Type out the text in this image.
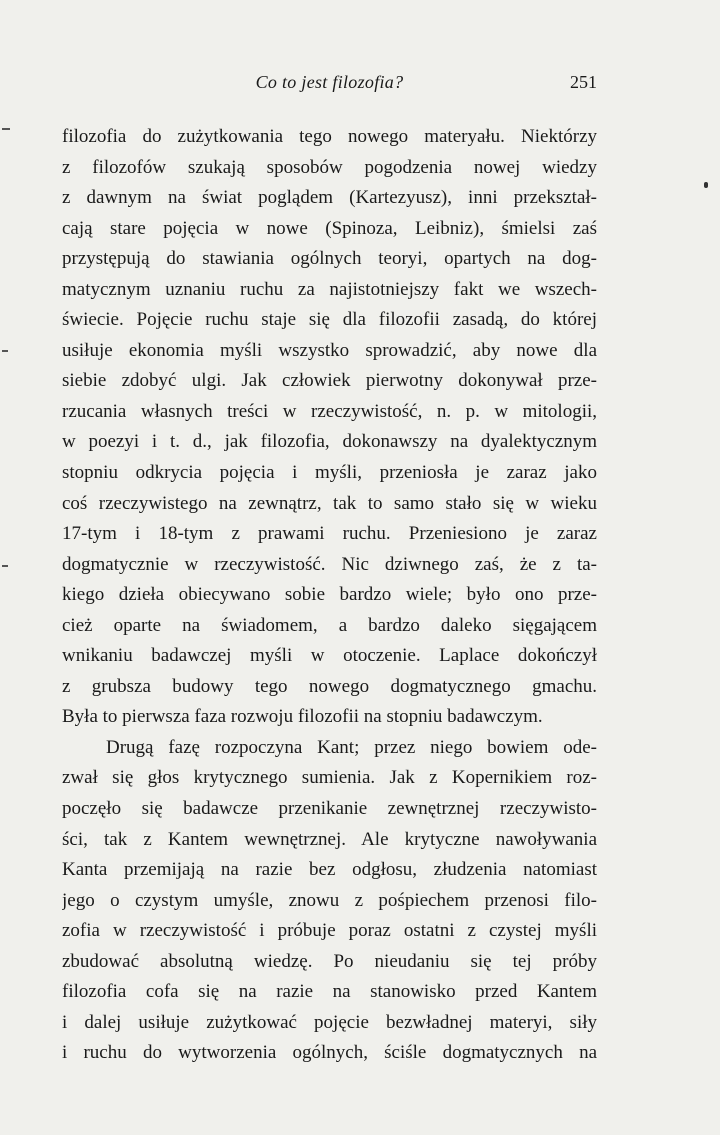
Co to jest filozofia?	251
filozofia do zużytkowania tego nowego materyału. Niektórzy
z filozofów szukają sposobów pogodzenia nowej wiedzy
z dawnym na świat poglądem (Kartezyusz), inni przekształ-
cają stare pojęcia w nowe (Spinoza, Leibniz), śmielsi zaś
przystępują do stawiania ogólnych teoryi, opartych na dog-
matycznym uznaniu ruchu za najistotniejszy fakt we wszech-
świecie. Pojęcie ruchu staje się dla filozofii zasadą, do której
usiłuje ekonomia myśli wszystko sprowadzić, aby nowe dla
siebie zdobyć ulgi. Jak człowiek pierwotny dokonywał prze-
rzucania własnych treści w rzeczywistość, n. p. w mitologii,
w poezyi i t. d., jak filozofia, dokonawszy na dyalektycznym
stopniu odkrycia pojęcia i myśli, przeniosła je zaraz jako
coś rzeczywistego na zewnątrz, tak to samo stało się w wieku
17-tym i 18-tym z prawami ruchu. Przeniesiono je zaraz
dogmatycznie w rzeczywistość. Nic dziwnego zaś, że z ta-
kiego dzieła obiecywano sobie bardzo wiele; było ono prze-
cież oparte na świadomem, a bardzo daleko sięgającem
wnikaniu badawczej myśli w otoczenie. Laplace dokończył
z grubsza budowy tego nowego dogmatycznego gmachu.
Była to pierwsza faza rozwoju filozofii na stopniu badawczym.
Drugą fazę rozpoczyna Kant; przez niego bowiem ode-
zwał się głos krytycznego sumienia. Jak z Kopernikiem roz-
poczęło się badawcze przenikanie zewnętrznej rzeczywisto-
ści, tak z Kantem wewnętrznej. Ale krytyczne nawoływania
Kanta przemijają na razie bez odgłosu, złudzenia natomiast
jego o czystym umyśle, znowu z pośpiechem przenosi filo-
zofia w rzeczywistość i próbuje poraz ostatni z czystej myśli
zbudować absolutną wiedzę. Po nieudaniu się tej próby
filozofia cofa się na razie na stanowisko przed Kantem
i dalej usiłuje zużytkować pojęcie bezwładnej materyi, siły
i ruchu do wytworzenia ogólnych, ściśle dogmatycznych na
